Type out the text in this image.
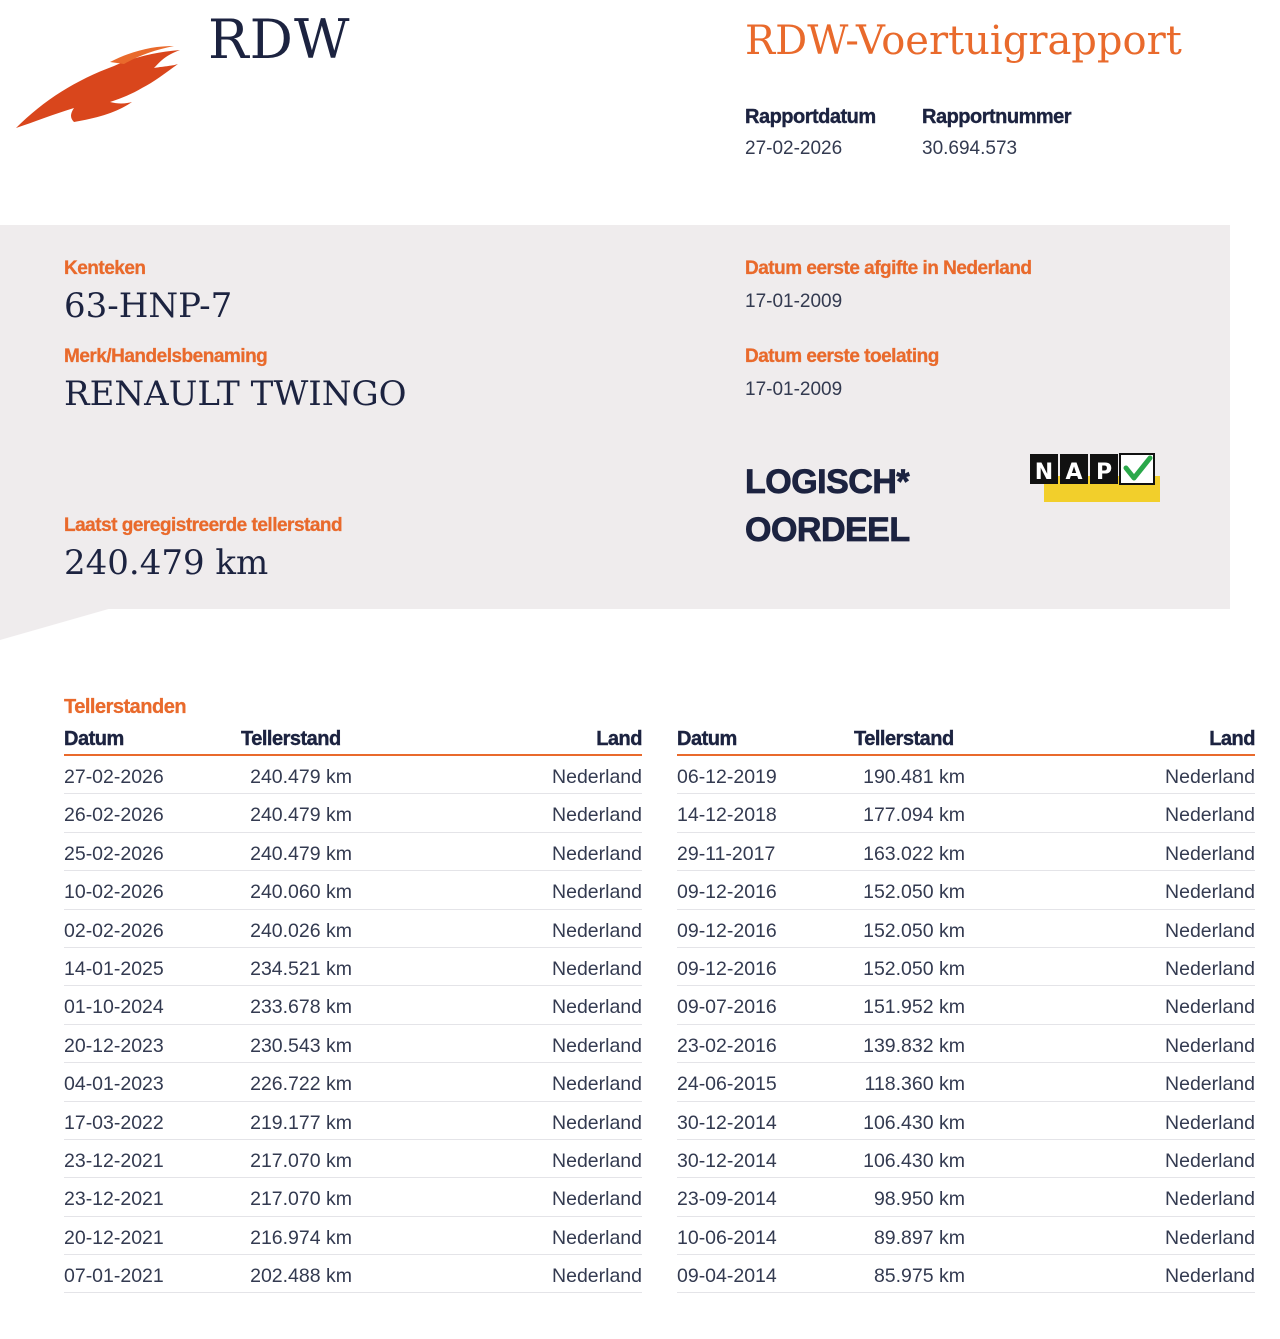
RDW	RDW-Voertuigrapport
Rapportdatum
27-02-2026
Rapportnummer
30.694.573
Kenteken
63-HNP-7
Merk/Handelsbenaming
RENAULT TWINGO
Laatst geregistreerde tellerstand
240.479 km
Datum eerste afgifte in Nederland
17-01-2009
Datum eerste toelating
17-01-2009
LOGISCH*
OORDEEL
N A P
Tellerstanden
Datum	Tellerstand	Land
27-02-2026	240.479 km	Nederland
26-02-2026	240.479 km	Nederland
25-02-2026	240.479 km	Nederland
10-02-2026	240.060 km	Nederland
02-02-2026	240.026 km	Nederland
14-01-2025	234.521 km	Nederland
01-10-2024	233.678 km	Nederland
20-12-2023	230.543 km	Nederland
04-01-2023	226.722 km	Nederland
17-03-2022	219.177 km	Nederland
23-12-2021	217.070 km	Nederland
23-12-2021	217.070 km	Nederland
20-12-2021	216.974 km	Nederland
07-01-2021	202.488 km	Nederland
Datum	Tellerstand	Land
06-12-2019	190.481 km	Nederland
14-12-2018	177.094 km	Nederland
29-11-2017	163.022 km	Nederland
09-12-2016	152.050 km	Nederland
09-12-2016	152.050 km	Nederland
09-12-2016	152.050 km	Nederland
09-07-2016	151.952 km	Nederland
23-02-2016	139.832 km	Nederland
24-06-2015	118.360 km	Nederland
30-12-2014	106.430 km	Nederland
30-12-2014	106.430 km	Nederland
23-09-2014	98.950 km	Nederland
10-06-2014	89.897 km	Nederland
09-04-2014	85.975 km	Nederland
